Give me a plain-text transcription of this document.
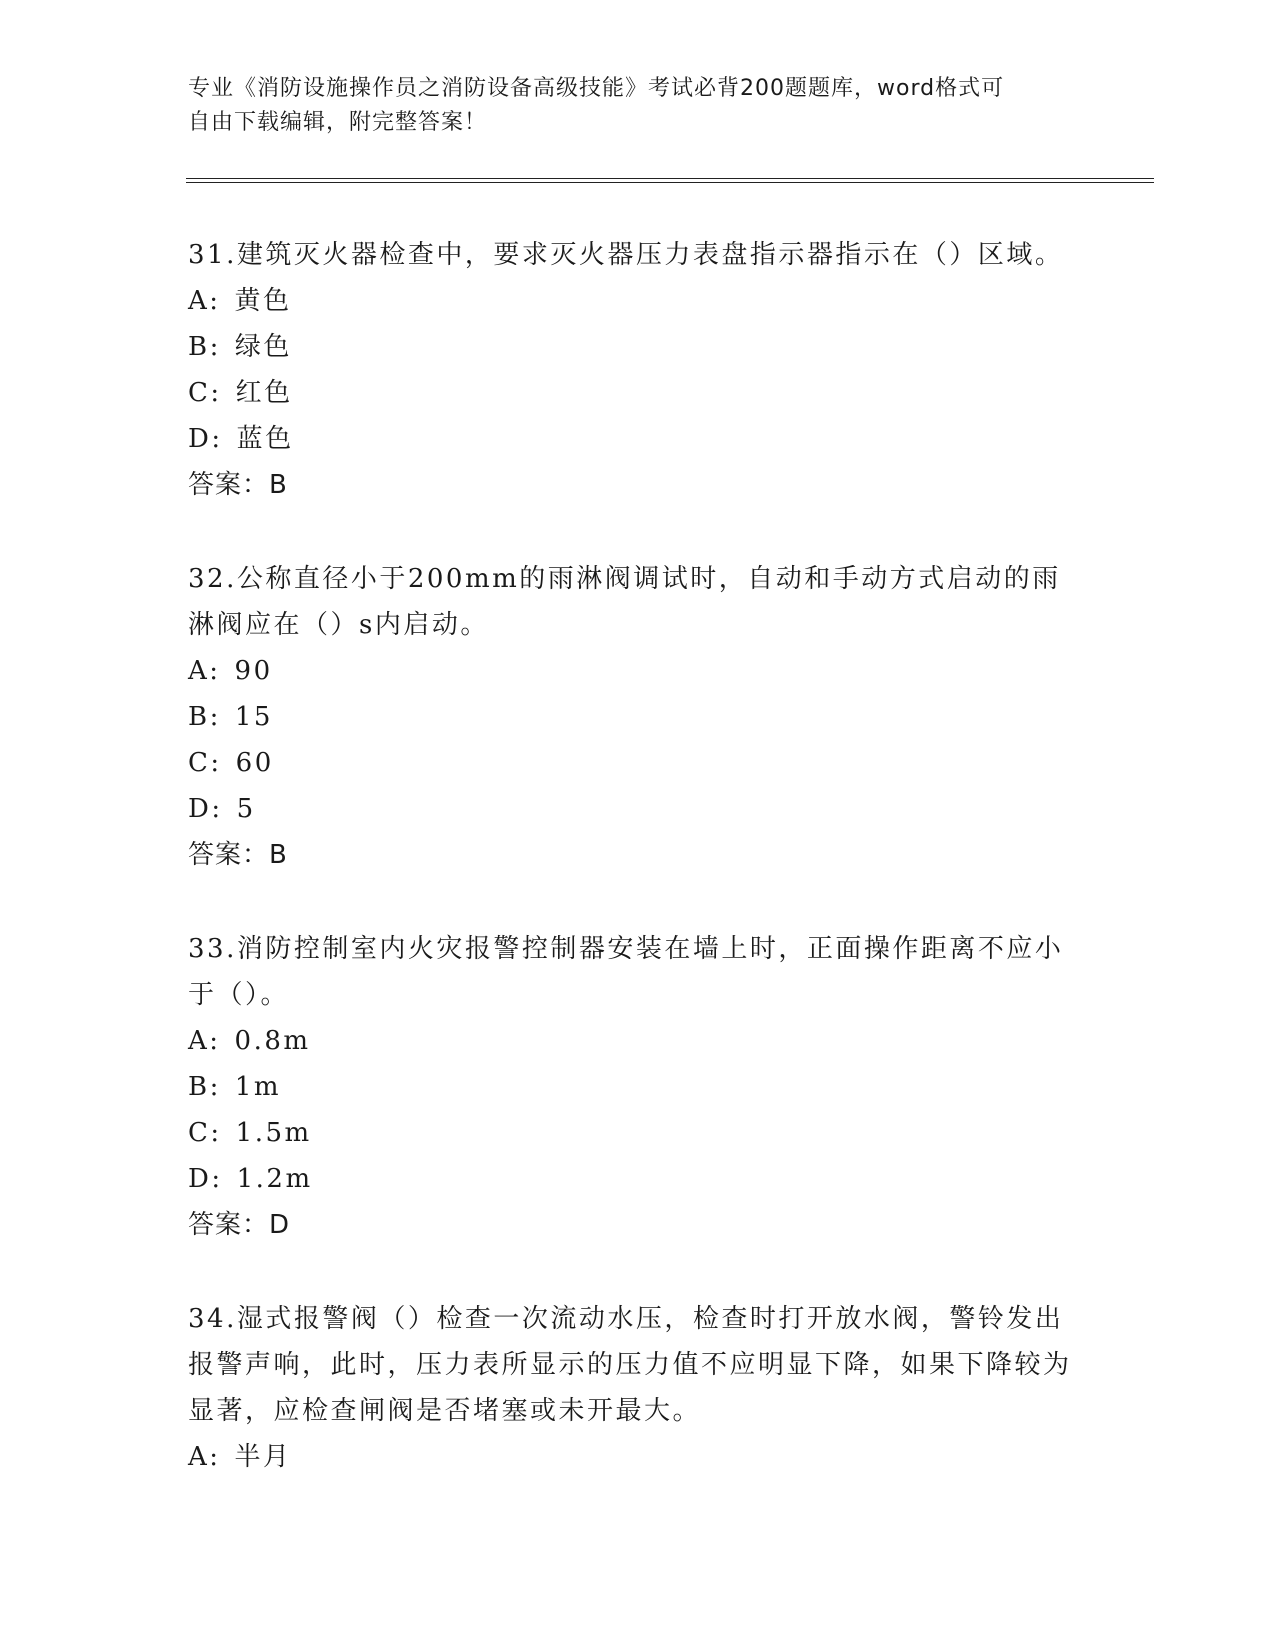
专业《消防设施操作员之消防设备高级技能》考试必背200题题库，word格式可
自由下载编辑，附完整答案！

31.建筑灭火器检查中，要求灭火器压力表盘指示器指示在（）区域。

A: 黄色

B: 绿色

C: 红色

D: 蓝色

答案：B

32.公称直径小于200mm的雨淋阀调试时，自动和手动方式启动的雨淋阀应在（）s内启动。

A: 90

B: 15

C: 60

D: 5

答案：B

33.消防控制室内火灾报警控制器安装在墙上时，正面操作距离不应小于（）。

A: 0.8m

B: 1m

C: 1.5m

D: 1.2m

答案：D

34.湿式报警阀（）检查一次流动水压，检查时打开放水阀，警铃发出报警声响，此时，压力表所显示的压力值不应明显下降，如果下降较为显著，应检查闸阀是否堵塞或未开最大。

A: 半月
